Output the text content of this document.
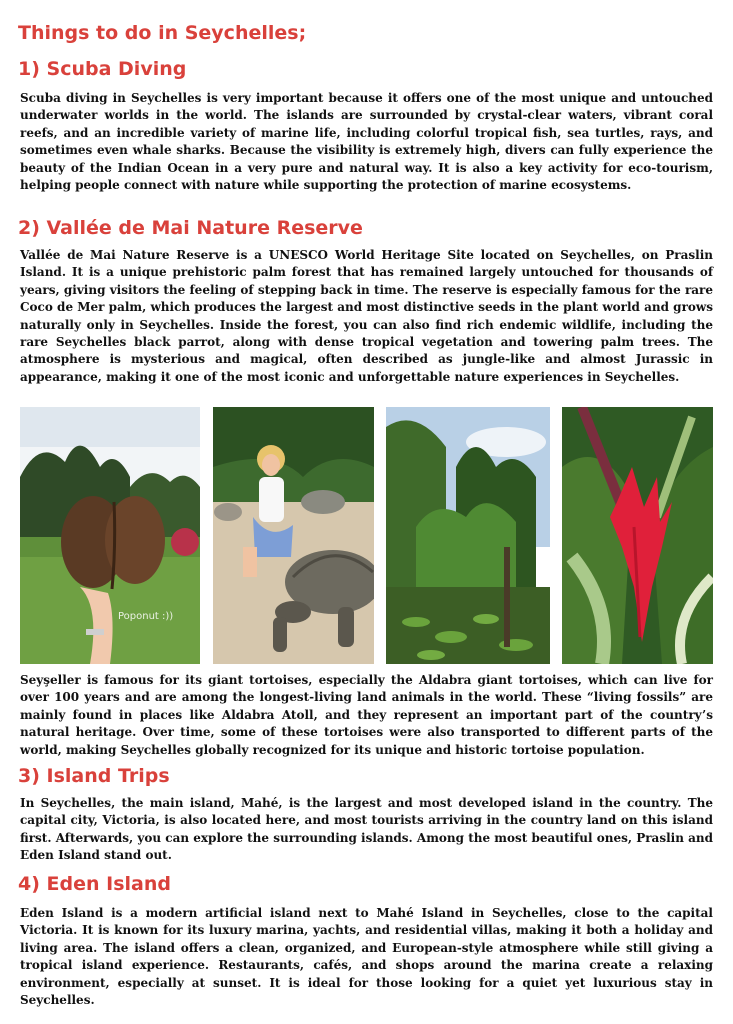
Things to do in Seychelles;
1) Scuba Diving

Scuba diving in Seychelles is very important because it offers one of the most unique and untouched underwater worlds in the world. The islands are surrounded by crystal-clear waters, vibrant coral reefs, and an incredible variety of marine life, including colorful tropical fish, sea turtles, rays, and sometimes even whale sharks. Because the visibility is extremely high, divers can fully experience the beauty of the Indian Ocean in a very pure and natural way. It is also a key activity for eco-tourism, helping people connect with nature while supporting the protection of marine ecosystems.

2) Vallée de Mai Nature Reserve

Vallée de Mai Nature Reserve is a UNESCO World Heritage Site located on Seychelles, on Praslin Island. It is a unique prehistoric palm forest that has remained largely untouched for thousands of years, giving visitors the feeling of stepping back in time. The reserve is especially famous for the rare Coco de Mer palm, which produces the largest and most distinctive seeds in the plant world and grows naturally only in Seychelles. Inside the forest, you can also find rich endemic wildlife, including the rare Seychelles black parrot, along with dense tropical vegetation and towering palm trees. The atmosphere is mysterious and magical, often described as jungle-like and almost Jurassic in appearance, making it one of the most iconic and unforgettable nature experiences in Seychelles.

Poponut :))

Seyşeller is famous for its giant tortoises, especially the Aldabra giant tortoises, which can live for over 100 years and are among the longest-living land animals in the world. These “living fossils” are mainly found in places like Aldabra Atoll, and they represent an important part of the country’s natural heritage. Over time, some of these tortoises were also transported to different parts of the world, making Seychelles globally recognized for its unique and historic tortoise population.

3) Island Trips

In Seychelles, the main island, Mahé, is the largest and most developed island in the country. The capital city, Victoria, is also located here, and most tourists arriving in the country land on this island first. Afterwards, you can explore the surrounding islands. Among the most beautiful ones, Praslin and Eden Island stand out.

4) Eden Island

Eden Island is a modern artificial island next to Mahé Island in Seychelles, close to the capital Victoria. It is known for its luxury marina, yachts, and residential villas, making it both a holiday and living area. The island offers a clean, organized, and European-style atmosphere while still giving a tropical island experience. Restaurants, cafés, and shops around the marina create a relaxing environment, especially at sunset. It is ideal for those looking for a quiet yet luxurious stay in Seychelles.
